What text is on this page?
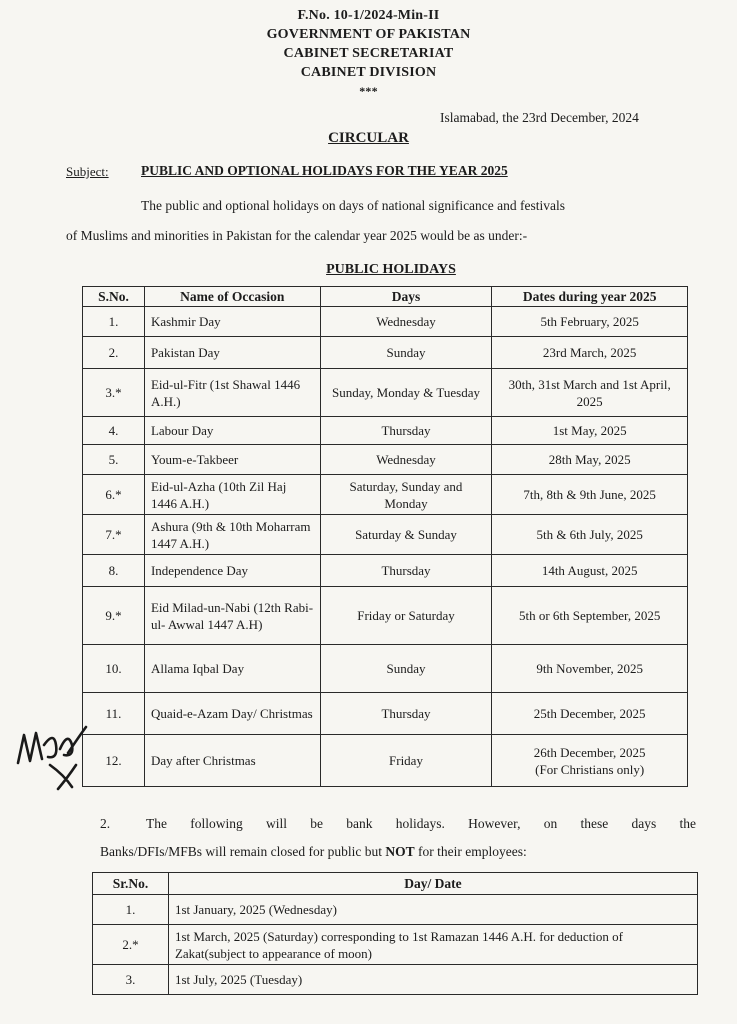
F.No. 10-1/2024-Min-II
GOVERNMENT OF PAKISTAN
CABINET SECRETARIAT
CABINET DIVISION
***
Islamabad, the 23rd December, 2024
CIRCULAR
Subject: PUBLIC AND OPTIONAL HOLIDAYS FOR THE YEAR 2025
The public and optional holidays on days of national significance and festivals
of Muslims and minorities in Pakistan for the calendar year 2025 would be as under:-
PUBLIC HOLIDAYS
S.No.	Name of Occasion	Days	Dates during year 2025
1.	Kashmir Day	Wednesday	5th February, 2025
2.	Pakistan Day	Sunday	23rd March, 2025
3.*	Eid-ul-Fitr (1st Shawal 1446 A.H.)	Sunday, Monday & Tuesday	30th, 31st March and 1st April, 2025
4.	Labour Day	Thursday	1st May, 2025
5.	Youm-e-Takbeer	Wednesday	28th May, 2025
6.*	Eid-ul-Azha (10th Zil Haj 1446 A.H.)	Saturday, Sunday and Monday	7th, 8th & 9th June, 2025
7.*	Ashura (9th & 10th Moharram 1447 A.H.)	Saturday & Sunday	5th & 6th July, 2025
8.	Independence Day	Thursday	14th August, 2025
9.*	Eid Milad-un-Nabi (12th Rabi-ul- Awwal 1447 A.H)	Friday or Saturday	5th or 6th September, 2025
10.	Allama Iqbal Day	Sunday	9th November, 2025
11.	Quaid-e-Azam Day/ Christmas	Thursday	25th December, 2025
12.	Day after Christmas	Friday	26th December, 2025
(For Christians only)
2.	The following will be bank holidays. However, on these days the
Banks/DFIs/MFBs will remain closed for public but NOT for their employees:
Sr.No.	Day/ Date
1.	1st January, 2025 (Wednesday)
2.*	1st March, 2025 (Saturday) corresponding to 1st Ramazan 1446 A.H. for deduction of Zakat(subject to appearance of moon)
3.	1st July, 2025 (Tuesday)
